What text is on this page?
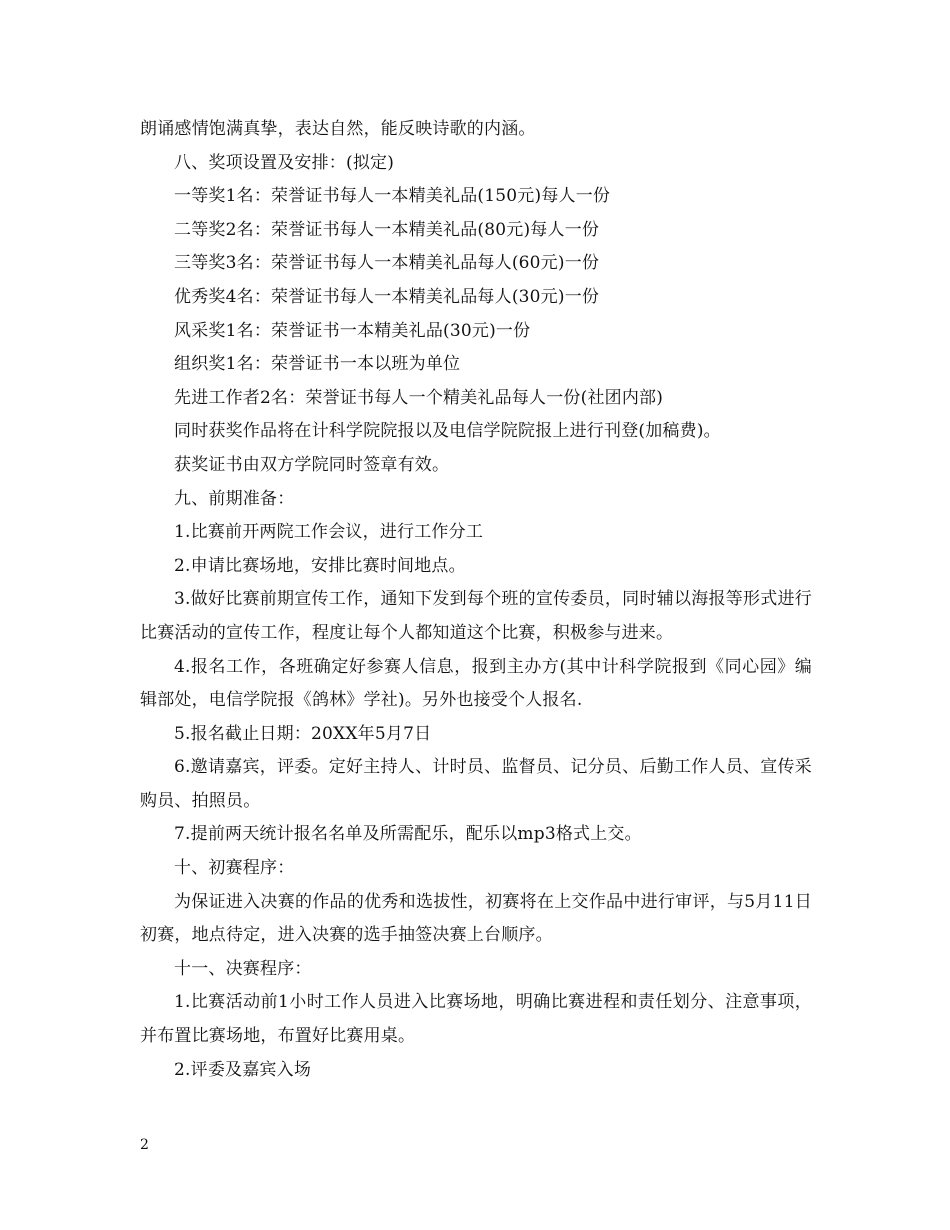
朗诵感情饱满真挚，表达自然，能反映诗歌的内涵。

八、奖项设置及安排：(拟定)

一等奖1名：荣誉证书每人一本精美礼品(150元)每人一份

二等奖2名：荣誉证书每人一本精美礼品(80元)每人一份

三等奖3名：荣誉证书每人一本精美礼品每人(60元)一份

优秀奖4名：荣誉证书每人一本精美礼品每人(30元)一份

风采奖1名：荣誉证书一本精美礼品(30元)一份

组织奖1名：荣誉证书一本以班为单位

先进工作者2名：荣誉证书每人一个精美礼品每人一份(社团内部)

同时获奖作品将在计科学院院报以及电信学院院报上进行刊登(加稿费)。

获奖证书由双方学院同时签章有效。

九、前期准备：

1.比赛前开两院工作会议，进行工作分工

2.申请比赛场地，安排比赛时间地点。

3.做好比赛前期宣传工作，通知下发到每个班的宣传委员，同时辅以海报等形式进行比赛活动的宣传工作，程度让每个人都知道这个比赛，积极参与进来。

4.报名工作，各班确定好参赛人信息，报到主办方(其中计科学院报到《同心园》编辑部处，电信学院报《鸽林》学社)。另外也接受个人报名.

5.报名截止日期：20XX年5月7日

6.邀请嘉宾，评委。定好主持人、计时员、监督员、记分员、后勤工作人员、宣传采购员、拍照员。

7.提前两天统计报名名单及所需配乐，配乐以mp3格式上交。

十、初赛程序：

为保证进入决赛的作品的优秀和选拔性，初赛将在上交作品中进行审评，与5月11日初赛，地点待定，进入决赛的选手抽签决赛上台顺序。

十一、决赛程序：

1.比赛活动前1小时工作人员进入比赛场地，明确比赛进程和责任划分、注意事项，并布置比赛场地，布置好比赛用桌。

2.评委及嘉宾入场

2
